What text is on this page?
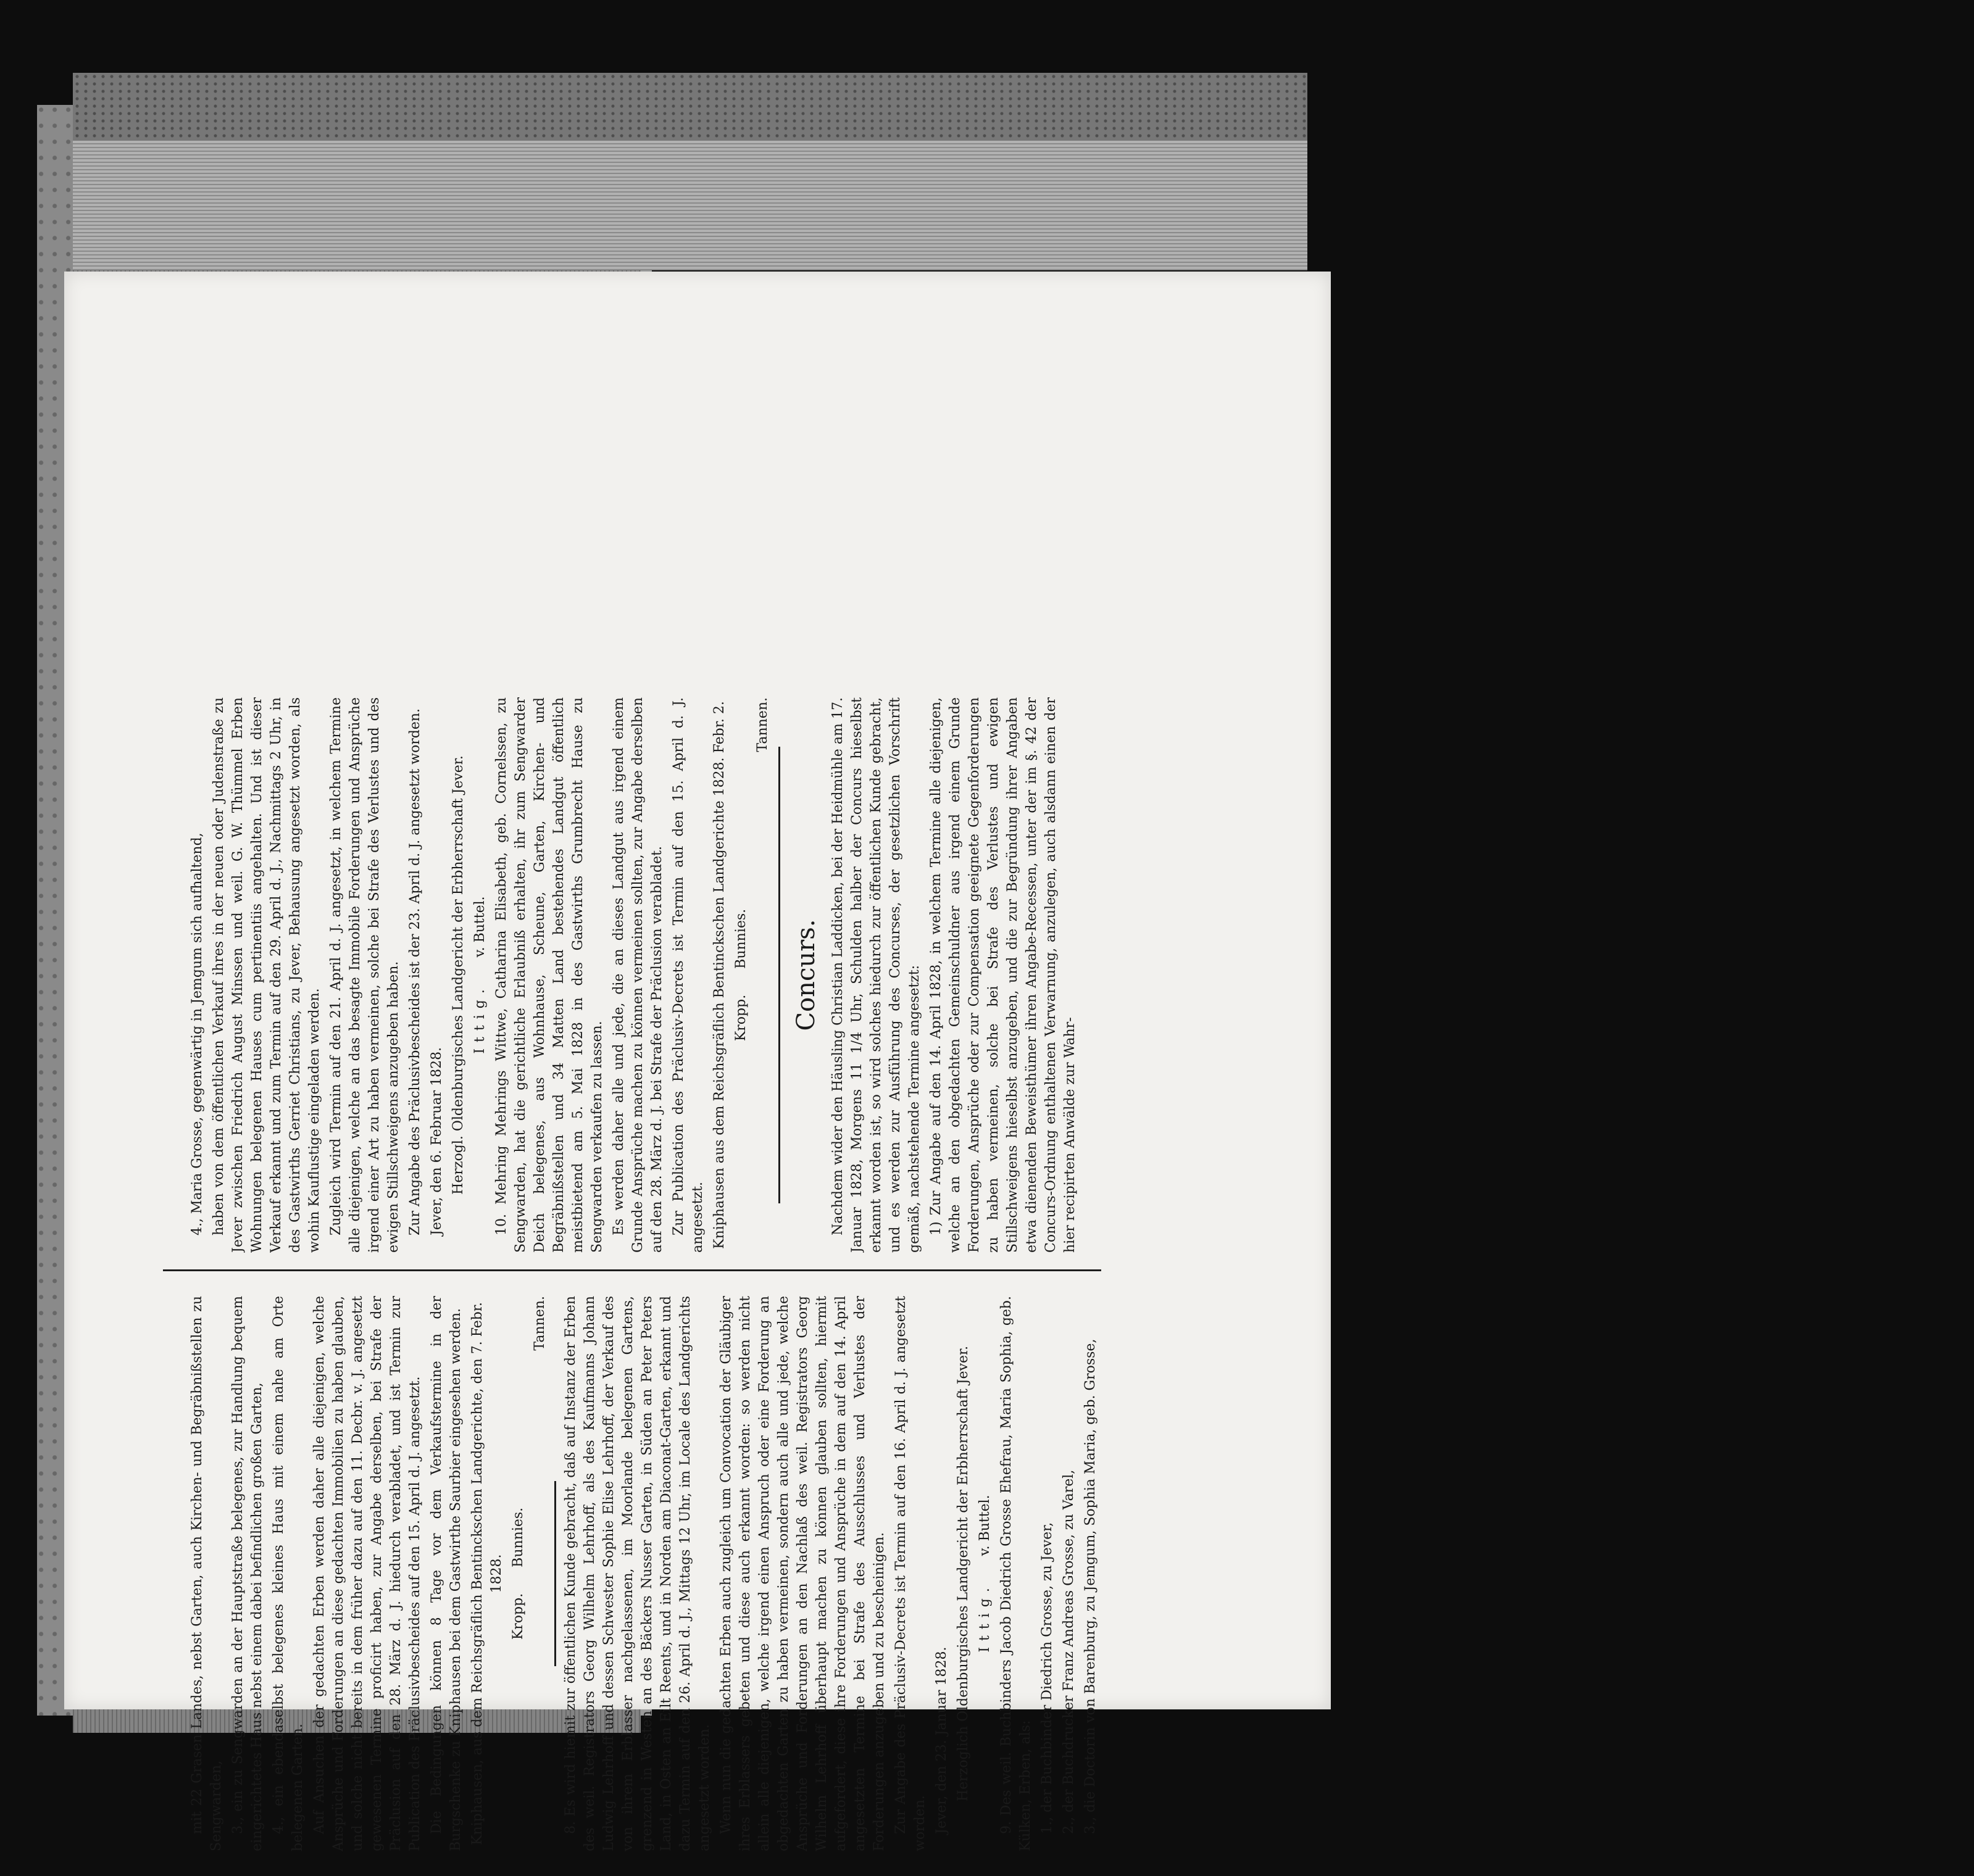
mit 22 Grasen Landes, nebst Garten, auch Kirchen- und Begräbnißstellen zu Sengwarden, 3., ein zu Sengwarden an der Hauptstraße belegenes, zur Handlung bequem eingerichtetes Haus nebst einem dabei befindlichen großen Garten, 4., ein ebendaselbst belegenes kleines Haus mit einem nahe am Orte belegenen Garten. Auf Ansuchen der gedachten Erben werden daher alle diejenigen, welche Ansprüche und Forderungen an diese gedachten Immobilien zu haben glauben, und solche nicht bereits in dem früher dazu auf den 11. Decbr. v. J. angesetzt gewesenen Termine proficirt haben, zur Angabe derselben, bei Strafe der Präclusion auf den 28. März d. J. hiedurch verabladet, und ist Termin zur Publication des Präclusivbescheides auf den 15. April d. J. angesetzt. Die Bedingungen können 8 Tage vor dem Verkaufstermine in der Burgschenke zu Kniphausen bei dem Gastwirthe Saurbier eingesehen werden. Kniphausen, aus dem Reichsgräflich Bentinckschen Landgerichte, den 7. Febr. 1828.

Kropp.      Bunnies.

Tannen. 8. Es wird hiemit zur öffentlichen Kunde gebracht, daß auf Instanz der Erben des weil. Registrators Georg Wilhelm Lehrhoff, als des Kaufmanns Johann Ludwig Lehrhoff und dessen Schwester Sophie Elise Lehrhoff, der Verkauf des von ihrem Erblasser nachgelassenen, im Moorlande belegenen Gartens, grenzend in Westen an des Bäckers Nusser Garten, in Süden an Peter Peters Land, in Osten an Eilt Reents, und in Norden am Diaconat-Garten, erkannt und dazu Termin auf den 26. April d. J., Mittags 12 Uhr, im Locale des Landgerichts angesetzt worden. Wenn nun die gedachten Erben auch zugleich um Convocation der Gläubiger ihres Erblassers gebeten und diese auch erkannt worden: so werden nicht allein alle diejenigen, welche irgend einen Anspruch oder eine Forderung an obgedachten Garten zu haben vermeinen, sondern auch alle und jede, welche Ansprüche und Forderungen an den Nachlaß des weil. Registrators Georg Wilhelm Lehrhoff überhaupt machen zu können glauben sollten, hiermit aufgefordert, diese ihre Forderungen und Ansprüche in dem auf den 14. April angesetzten Termine bei Strafe des Ausschlusses und Verlustes der Forderungen anzugeben und zu bescheinigen. Zur Angabe des Präclusiv-Decrets ist Termin auf den 16. April d. J. angesetzt worden. Jever, den 23. Januar 1828. Herzoglich Oldenburgisches Landgericht der Erbherrschaft Jever. Ittig.      v. Buttel. 9. Des weil. Buchbinders Jacob Diedrich Grosse Ehefrau, Maria Sophia, geb. Külken, Erben, als: 1., der Buchbinder Diedrich Grosse, zu Jever, 2., der Buchdrucker Franz Andreas Grosse, zu Varel, 3., die Doctorin von Barenburg, zu Jemgum, Sophia Maria, geb. Grosse,

4., Maria Grosse, gegenwärtig in Jemgum sich aufhaltend, haben von dem öffentlichen Verkauf ihres in der neuen oder Judenstraße zu Jever zwischen Friedrich August Minssen und weil. G. W. Thümmel Erben Wohnungen belegenen Hauses cum pertinentiis angehalten. Und ist dieser Verkauf erkannt und zum Termin auf den 29. April d. J., Nachmittags 2 Uhr, in des Gastwirths Gerriet Christians, zu Jever, Behausung angesetzt worden, als wohin Kauflustige eingeladen werden. Zugleich wird Termin auf den 21. April d. J. angesetzt, in welchem Termine alle diejenigen, welche an das besagte Immobile Forderungen und Ansprüche irgend einer Art zu haben vermeinen, solche bei Strafe des Verlustes und des ewigen Stillschweigens anzugeben haben. Zur Angabe des Präclusivbescheides ist der 23. April d. J. angesetzt worden. Jever, den 6. Februar 1828. Herzogl. Oldenburgisches Landgericht der Erbherrschaft Jever. Ittig.      v. Buttel. 10. Mehring Mehrings Wittwe, Catharina Elisabeth, geb. Cornelssen, zu Sengwarden, hat die gerichtliche Erlaubniß erhalten, ihr zum Sengwarder Deich belegenes, aus Wohnhause, Scheune, Garten, Kirchen- und Begräbnißstellen und 34 Matten Land bestehendes Landgut öffentlich meistbietend am 5. Mai 1828 in des Gastwirths Grumbrecht Hause zu Sengwarden verkaufen zu lassen. Es werden daher alle und jede, die an dieses Landgut aus irgend einem Grunde Ansprüche machen zu können vermeinen sollten, zur Angabe derselben auf den 28. März d. J. bei Strafe der Präclusion verabladet. Zur Publication des Präclusiv-Decrets ist Termin auf den 15. April d. J. angesetzt. Kniphausen aus dem Reichsgräflich Bentinckschen Landgerichte 1828. Febr. 2. Kropp.      Bunnies.

Tannen.

Concurs. Nachdem wider den Häusling Christian Laddicken, bei der Heidmühle am 17. Januar 1828, Morgens 11 1/4 Uhr, Schulden halber der Concurs hieselbst erkannt worden ist, so wird solches hiedurch zur öffentlichen Kunde gebracht, und es werden zur Ausführung des Concurses, der gesetzlichen Vorschrift gemäß, nachstehende Termine angesetzt: 1) Zur Angabe auf den 14. April 1828, in welchem Termine alle diejenigen, welche an den obgedachten Gemeinschuldner aus irgend einem Grunde Forderungen, Ansprüche oder zur Compensation geeignete Gegenforderungen zu haben vermeinen, solche bei Strafe des Verlustes und ewigen Stillschweigens hieselbst anzugeben, und die zur Begründung ihrer Angaben etwa dienenden Beweisthümer ihren Angabe-Recessen, unter der im §. 42 der Concurs-Ordnung enthaltenen Verwarnung, anzulegen, auch alsdann einen der hier recipirten Anwälde zur Wahr-
